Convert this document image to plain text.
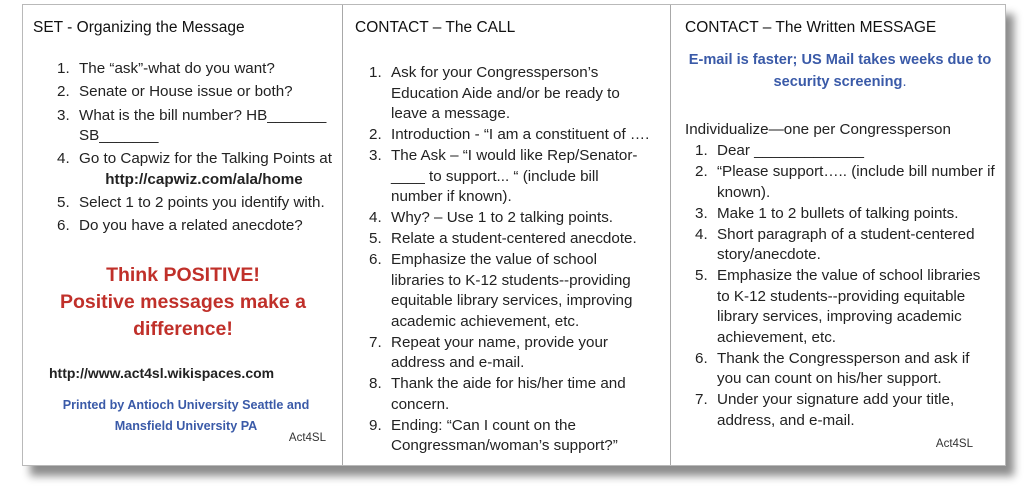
SET - Organizing the Message
1. The “ask”-what do you want?
2. Senate or House issue or both?
3. What is the bill number? HB_______
SB_______
4. Go to Capwiz for the Talking Points at
http://capwiz.com/ala/home
5. Select 1 to 2 points you identify with.
6. Do you have a related anecdote?
Think POSITIVE!
Positive messages make a difference!
http://www.act4sl.wikispaces.com
Printed by Antioch University Seattle and Mansfield University PA
Act4SL
CONTACT – The CALL
1. Ask for your Congressperson’s Education Aide and/or be ready to leave a message.
2. Introduction - “I am a constituent of ….
3. The Ask – “I would like Rep/Senator-____ to support... “ (include bill number if known).
4. Why? – Use 1 to 2 talking points.
5. Relate a student-centered anecdote.
6. Emphasize the value of school libraries to K-12 students--providing equitable library services, improving academic achievement, etc.
7. Repeat your name, provide your address and e-mail.
8. Thank the aide for his/her time and concern.
9. Ending: “Can I count on the Congressman/woman’s support?”
CONTACT – The Written MESSAGE
E-mail is faster; US Mail takes weeks due to security screening.
Individualize—one per Congressperson
1. Dear _____________
2. “Please support….. (include bill number if known).
3. Make 1 to 2 bullets of talking points.
4. Short paragraph of a student-centered story/anecdote.
5. Emphasize the value of school libraries to K-12 students--providing equitable library services, improving academic achievement, etc.
6. Thank the Congressperson and ask if you can count on his/her support.
7. Under your signature add your title, address, and e-mail.
Act4SL
